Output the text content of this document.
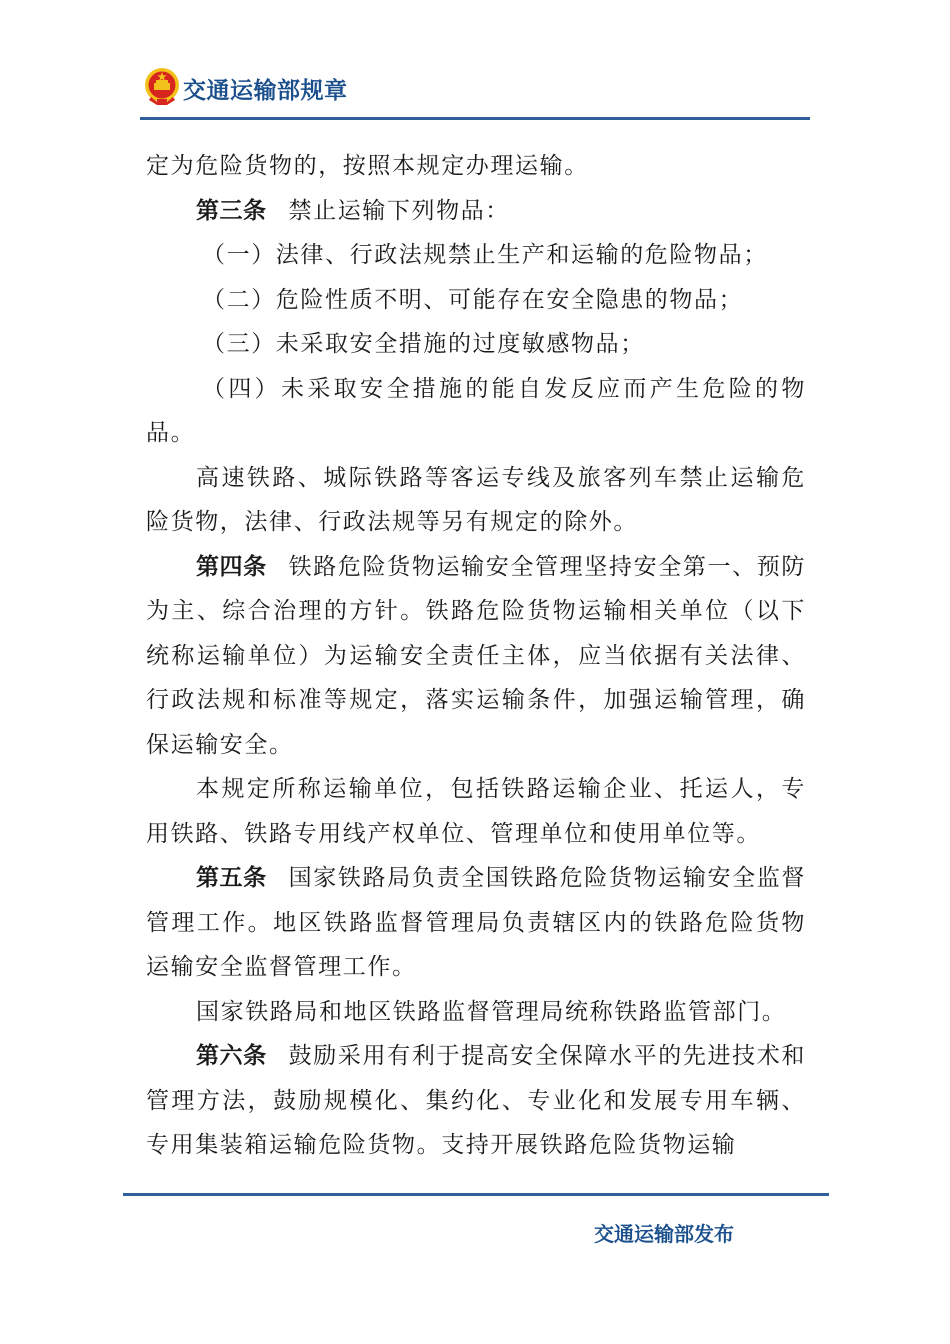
交通运输部规章

定为危险货物的，按照本规定办理运输。

第三条 禁止运输下列物品：

（一）法律、行政法规禁止生产和运输的危险物品；

（二）危险性质不明、可能存在安全隐患的物品；

（三）未采取安全措施的过度敏感物品；

（四）未采取安全措施的能自发反应而产生危险的物品。

高速铁路、城际铁路等客运专线及旅客列车禁止运输危险货物，法律、行政法规等另有规定的除外。

第四条 铁路危险货物运输安全管理坚持安全第一、预防为主、综合治理的方针。铁路危险货物运输相关单位（以下统称运输单位）为运输安全责任主体，应当依据有关法律、行政法规和标准等规定，落实运输条件，加强运输管理，确保运输安全。

本规定所称运输单位，包括铁路运输企业、托运人，专用铁路、铁路专用线产权单位、管理单位和使用单位等。

第五条 国家铁路局负责全国铁路危险货物运输安全监督管理工作。地区铁路监督管理局负责辖区内的铁路危险货物运输安全监督管理工作。

国家铁路局和地区铁路监督管理局统称铁路监管部门。

第六条 鼓励采用有利于提高安全保障水平的先进技术和管理方法，鼓励规模化、集约化、专业化和发展专用车辆、专用集装箱运输危险货物。支持开展铁路危险货物运输

交通运输部发布
